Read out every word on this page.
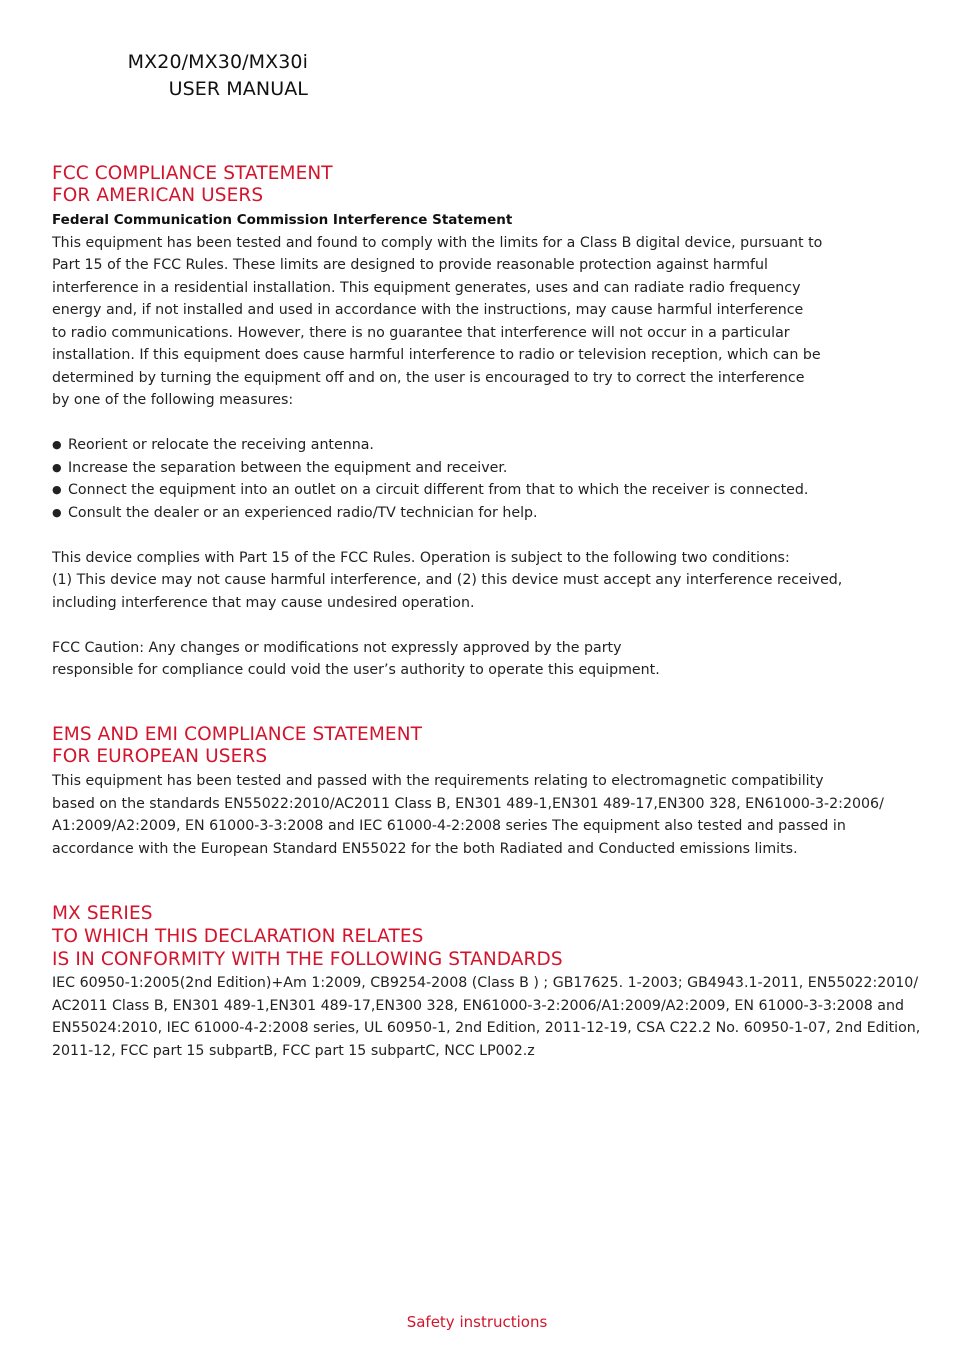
MX20/MX30/MX30i
USER MANUAL
FCC COMPLIANCE STATEMENT
FOR AMERICAN USERS
Federal Communication Commission Interference Statement
This equipment has been tested and found to comply with the limits for a Class B digital device, pursuant to
Part 15 of the FCC Rules. These limits are designed to provide reasonable protection against harmful
interference in a residential installation. This equipment generates, uses and can radiate radio frequency
energy and, if not installed and used in accordance with the instructions, may cause harmful interference
to radio communications. However, there is no guarantee that interference will not occur in a particular
installation. If this equipment does cause harmful interference to radio or television reception, which can be
determined by turning the equipment off and on, the user is encouraged to try to correct the interference
by one of the following measures:
● Reorient or relocate the receiving antenna.
● Increase the separation between the equipment and receiver.
● Connect the equipment into an outlet on a circuit different from that to which the receiver is connected.
● Consult the dealer or an experienced radio/TV technician for help.
This device complies with Part 15 of the FCC Rules. Operation is subject to the following two conditions:
(1) This device may not cause harmful interference, and (2) this device must accept any interference received,
including interference that may cause undesired operation.
FCC Caution: Any changes or modifications not expressly approved by the party
responsible for compliance could void the user’s authority to operate this equipment.
EMS AND EMI COMPLIANCE STATEMENT
FOR EUROPEAN USERS
This equipment has been tested and passed with the requirements relating to electromagnetic compatibility
based on the standards EN55022:2010/AC2011 Class B, EN301 489-1,EN301 489-17,EN300 328, EN61000-3-2:2006/
A1:2009/A2:2009, EN 61000-3-3:2008 and IEC 61000-4-2:2008 series The equipment also tested and passed in
accordance with the European Standard EN55022 for the both Radiated and Conducted emissions limits.
MX SERIES
TO WHICH THIS DECLARATION RELATES
IS IN CONFORMITY WITH THE FOLLOWING STANDARDS
IEC 60950-1:2005(2nd Edition)+Am 1:2009, CB9254-2008 (Class B ) ; GB17625. 1-2003; GB4943.1-2011, EN55022:2010/
AC2011 Class B, EN301 489-1,EN301 489-17,EN300 328, EN61000-3-2:2006/A1:2009/A2:2009, EN 61000-3-3:2008 and
EN55024:2010, IEC 61000-4-2:2008 series, UL 60950-1, 2nd Edition, 2011-12-19, CSA C22.2 No. 60950-1-07, 2nd Edition,
2011-12, FCC part 15 subpartB, FCC part 15 subpartC, NCC LP002.z
Safety instructions
